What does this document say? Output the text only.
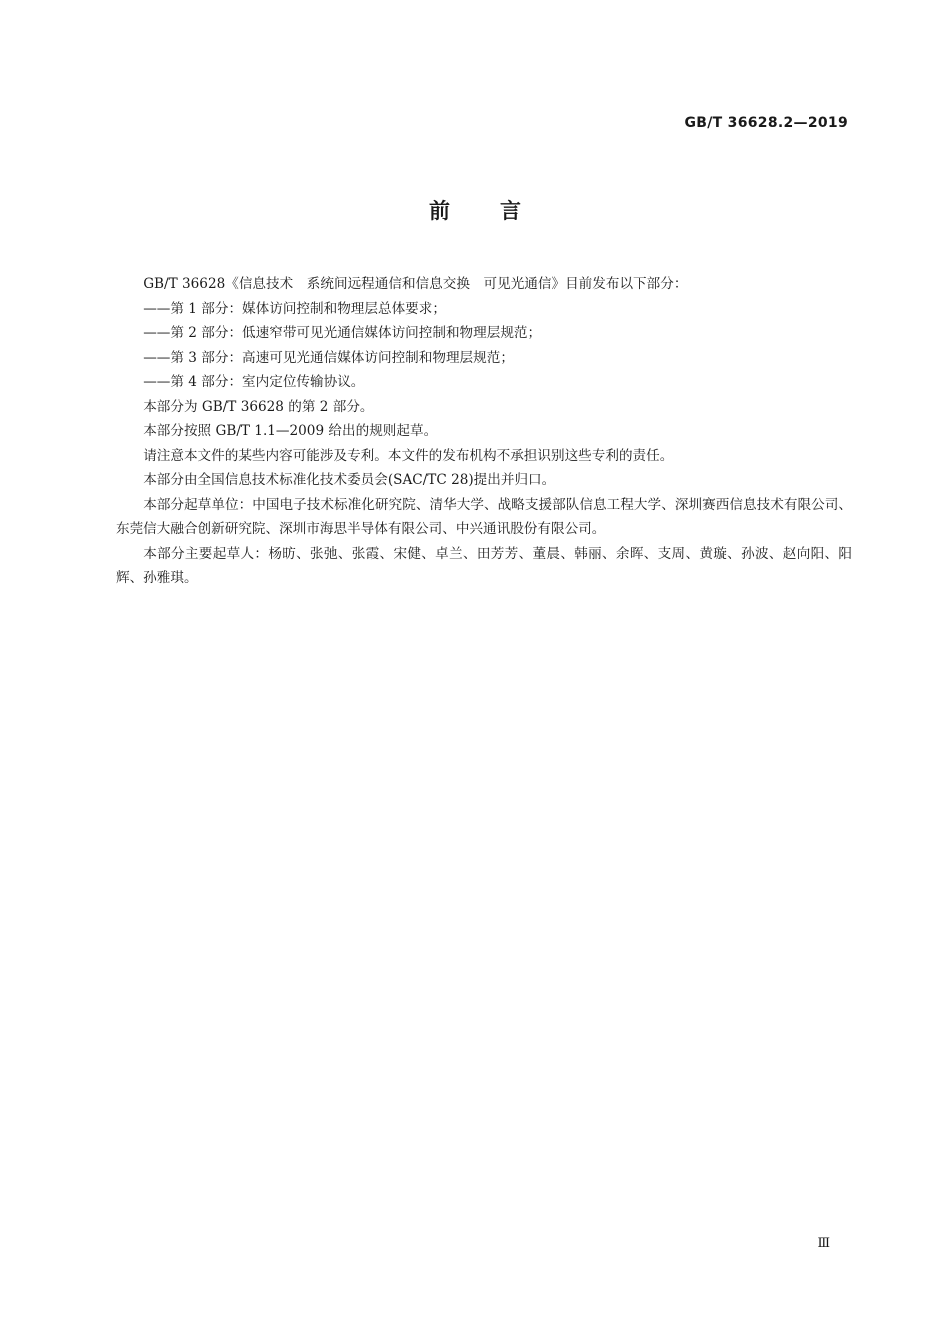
GB/T 36628.2—2019
前言

GB/T 36628《信息技术　系统间远程通信和信息交换　可见光通信》目前发布以下部分：

——第 1 部分：媒体访问控制和物理层总体要求；

——第 2 部分：低速窄带可见光通信媒体访问控制和物理层规范；

——第 3 部分：高速可见光通信媒体访问控制和物理层规范；

——第 4 部分：室内定位传输协议。

本部分为 GB/T 36628 的第 2 部分。

本部分按照 GB/T 1.1—2009 给出的规则起草。

请注意本文件的某些内容可能涉及专利。本文件的发布机构不承担识别这些专利的责任。

本部分由全国信息技术标准化技术委员会(SAC/TC 28)提出并归口。

本部分起草单位：中国电子技术标准化研究院、清华大学、战略支援部队信息工程大学、深圳赛西信息技术有限公司、东莞信大融合创新研究院、深圳市海思半导体有限公司、中兴通讯股份有限公司。

本部分主要起草人：杨昉、张弛、张霞、宋健、卓兰、田芳芳、董晨、韩丽、余晖、支周、黄璇、孙波、赵向阳、阳辉、孙雅琪。

Ⅲ
